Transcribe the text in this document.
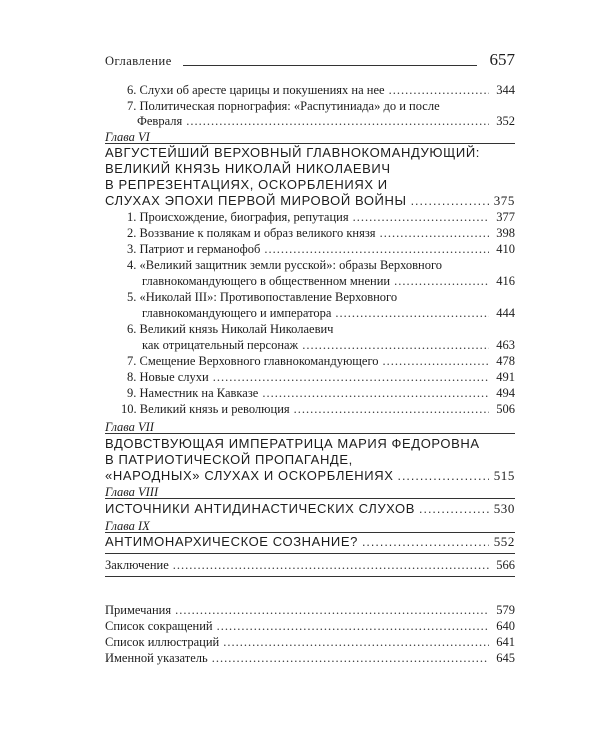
Оглавление	657
6. Слухи об аресте царицы и покушениях на нее .....	344
7. Политическая порнография: «Распутиниада» до и после
Февраля .....	352
Глава VI
АВГУСТЕЙШИЙ ВЕРХОВНЫЙ ГЛАВНОКОМАНДУЮЩИЙ:
ВЕЛИКИЙ КНЯЗЬ НИКОЛАЙ НИКОЛАЕВИЧ
В РЕПРЕЗЕНТАЦИЯХ, ОСКОРБЛЕНИЯХ И
СЛУХАХ ЭПОХИ ПЕРВОЙ МИРОВОЙ ВОЙНЫ .....	375
1. Происхождение, биография, репутация .....	377
2. Воззвание к полякам и образ великого князя .....	398
3. Патриот и германофоб .....	410
4. «Великий защитник земли русской»: образы Верховного
главнокомандующего в общественном мнении .....	416
5. «Николай III»: Противопоставление Верховного
главнокомандующего и императора .....	444
6. Великий князь Николай Николаевич
как отрицательный персонаж .....	463
7. Смещение Верховного главнокомандующего .....	478
8. Новые слухи .....	491
9. Наместник на Кавказе .....	494
10. Великий князь и революция .....	506
Глава VII
ВДОВСТВУЮЩАЯ ИМПЕРАТРИЦА МАРИЯ ФЕДОРОВНА
В ПАТРИОТИЧЕСКОЙ ПРОПАГАНДЕ,
«НАРОДНЫХ» СЛУХАХ И ОСКОРБЛЕНИЯХ .....	515
Глава VIII
ИСТОЧНИКИ АНТИДИНАСТИЧЕСКИХ СЛУХОВ .....	530
Глава IX
АНТИМОНАРХИЧЕСКОЕ СОЗНАНИЕ? .....	552
Заключение .....	566
Примечания .....	579
Список сокращений .....	640
Список иллюстраций .....	641
Именной указатель .....	645
